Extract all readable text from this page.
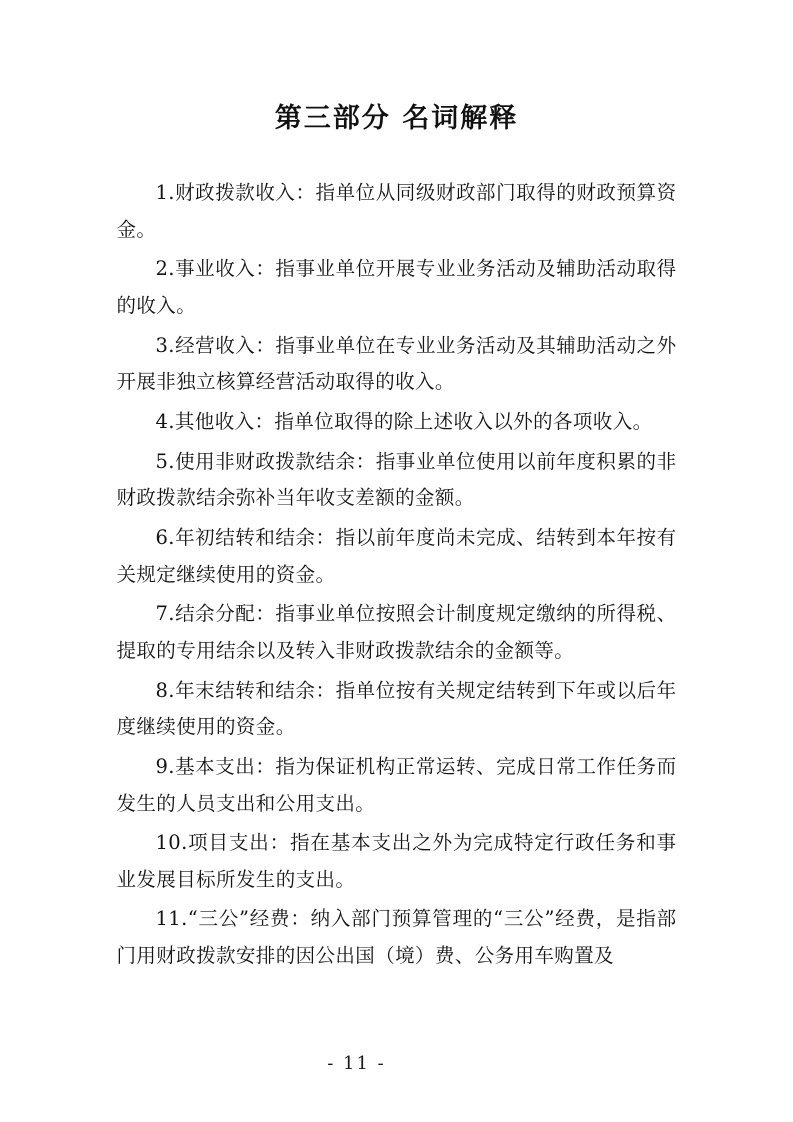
第三部分 名词解释

1.财政拨款收入：指单位从同级财政部门取得的财政预算资金。

2.事业收入：指事业单位开展专业业务活动及辅助活动取得的收入。

3.经营收入：指事业单位在专业业务活动及其辅助活动之外开展非独立核算经营活动取得的收入。

4.其他收入：指单位取得的除上述收入以外的各项收入。

5.使用非财政拨款结余：指事业单位使用以前年度积累的非财政拨款结余弥补当年收支差额的金额。

6.年初结转和结余：指以前年度尚未完成、结转到本年按有关规定继续使用的资金。

7.结余分配：指事业单位按照会计制度规定缴纳的所得税、提取的专用结余以及转入非财政拨款结余的金额等。

8.年末结转和结余：指单位按有关规定结转到下年或以后年度继续使用的资金。

9.基本支出：指为保证机构正常运转、完成日常工作任务而发生的人员支出和公用支出。

10.项目支出：指在基本支出之外为完成特定行政任务和事业发展目标所发生的支出。

11.“三公”经费：纳入部门预算管理的“三公”经费，是指部门用财政拨款安排的因公出国（境）费、公务用车购置及

- 11 -
